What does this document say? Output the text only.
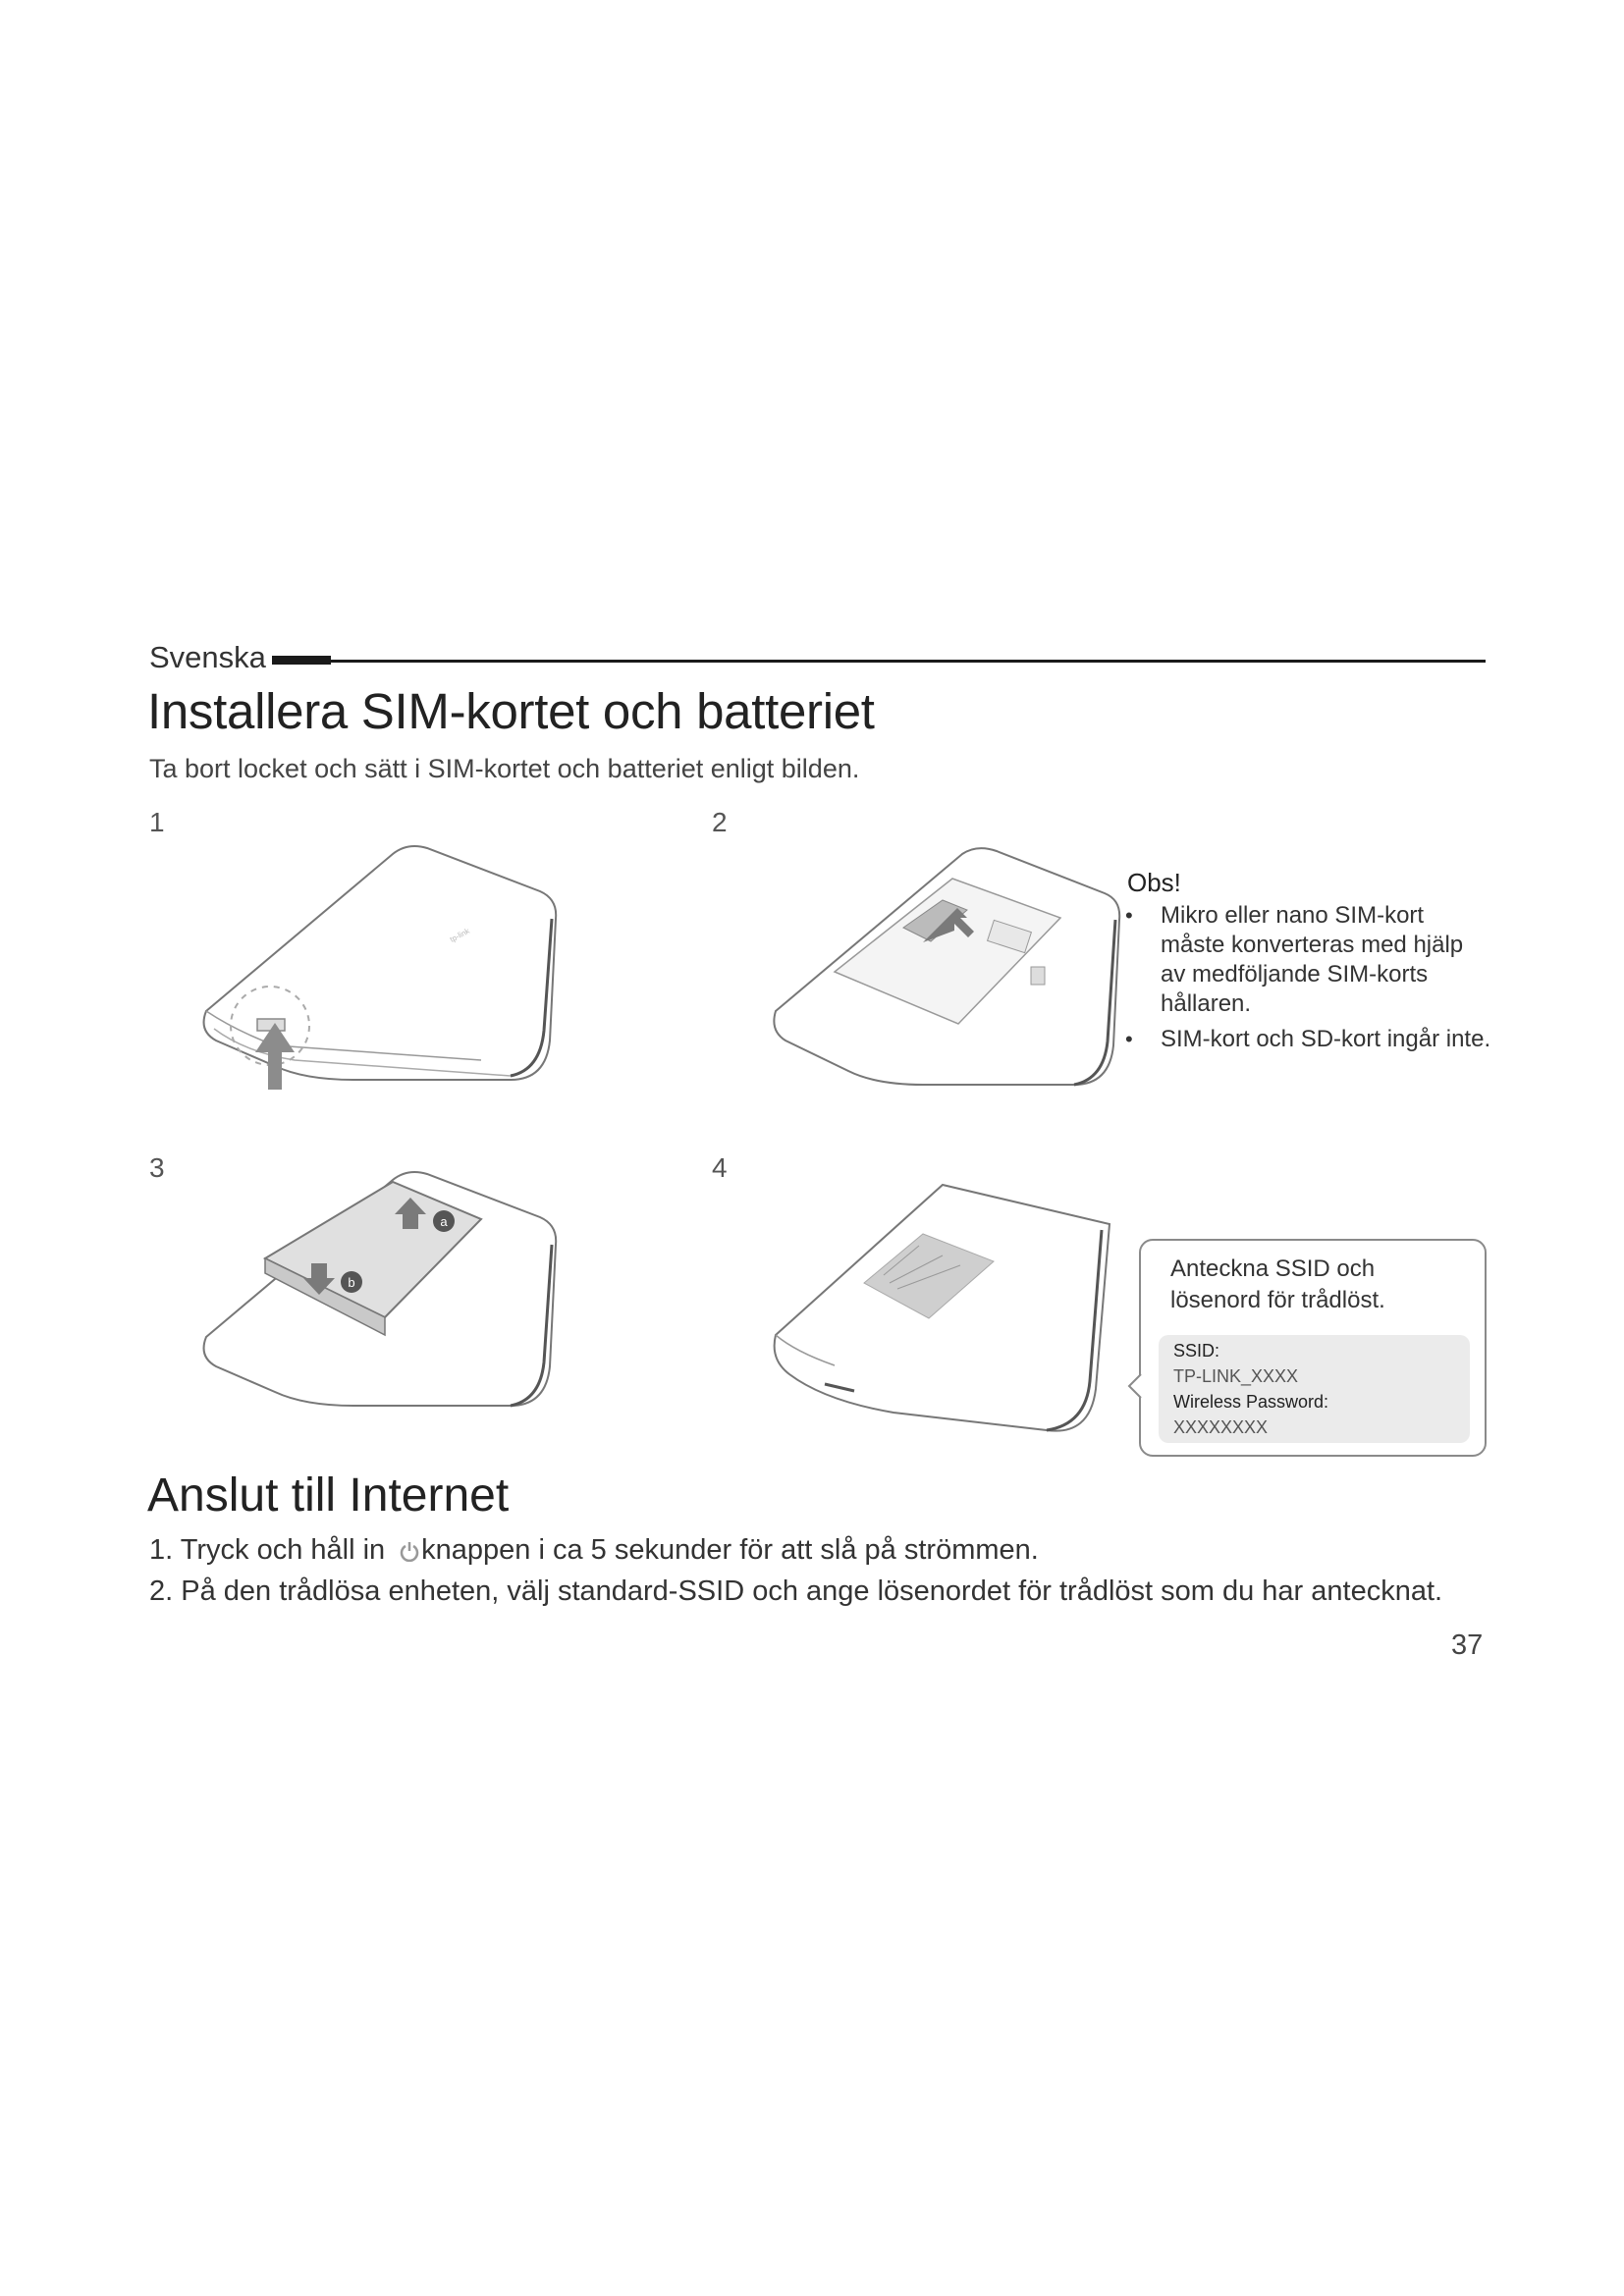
Svenska
Installera SIM-kortet och batteriet
Ta bort locket och sätt i SIM-kortet och batteriet enligt bilden.
1	2
3	4
tp-link
a
b
Obs!
• Mikro eller nano SIM-kort måste konverteras med hjälp av medföljande SIM-korts hållaren.
• SIM-kort och SD-kort ingår inte.
Anteckna SSID och lösenord för trådlöst.
SSID:
TP-LINK_XXXX
Wireless Password:
XXXXXXXX
Anslut till Internet
1. Tryck och håll in knappen i ca 5 sekunder för att slå på strömmen.
2. På den trådlösa enheten, välj standard-SSID och ange lösenordet för trådlöst som du har antecknat.
37
